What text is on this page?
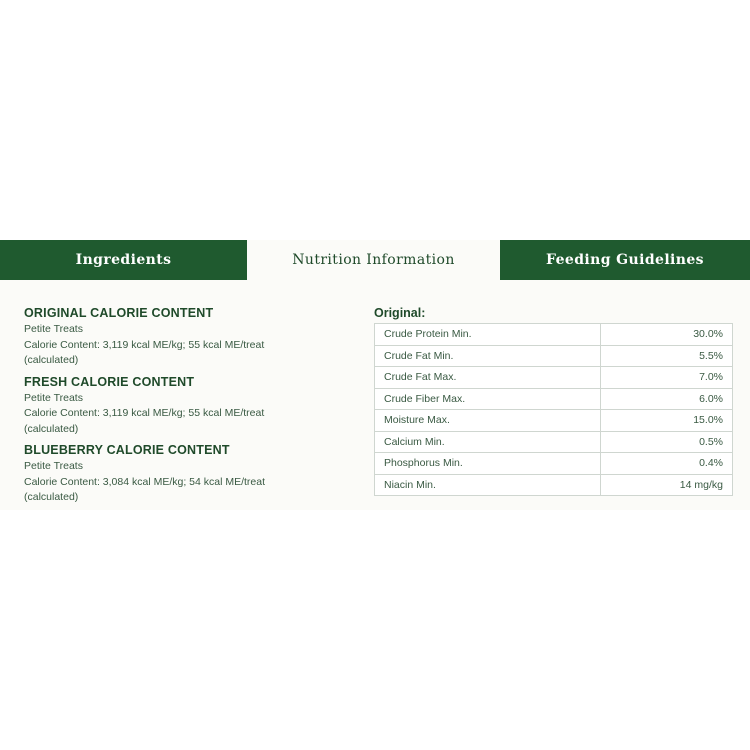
Ingredients	Nutrition Information	Feeding Guidelines
ORIGINAL CALORIE CONTENT
Petite Treats
Calorie Content: 3,119 kcal ME/kg; 55 kcal ME/treat
(calculated)
FRESH CALORIE CONTENT
Petite Treats
Calorie Content: 3,119 kcal ME/kg; 55 kcal ME/treat
(calculated)
BLUEBERRY CALORIE CONTENT
Petite Treats
Calorie Content: 3,084 kcal ME/kg; 54 kcal ME/treat
(calculated)
Original:
Crude Protein Min.	30.0%
Crude Fat Min.	5.5%
Crude Fat Max.	7.0%
Crude Fiber Max.	6.0%
Moisture Max.	15.0%
Calcium Min.	0.5%
Phosphorus Min.	0.4%
Niacin Min.	14 mg/kg
